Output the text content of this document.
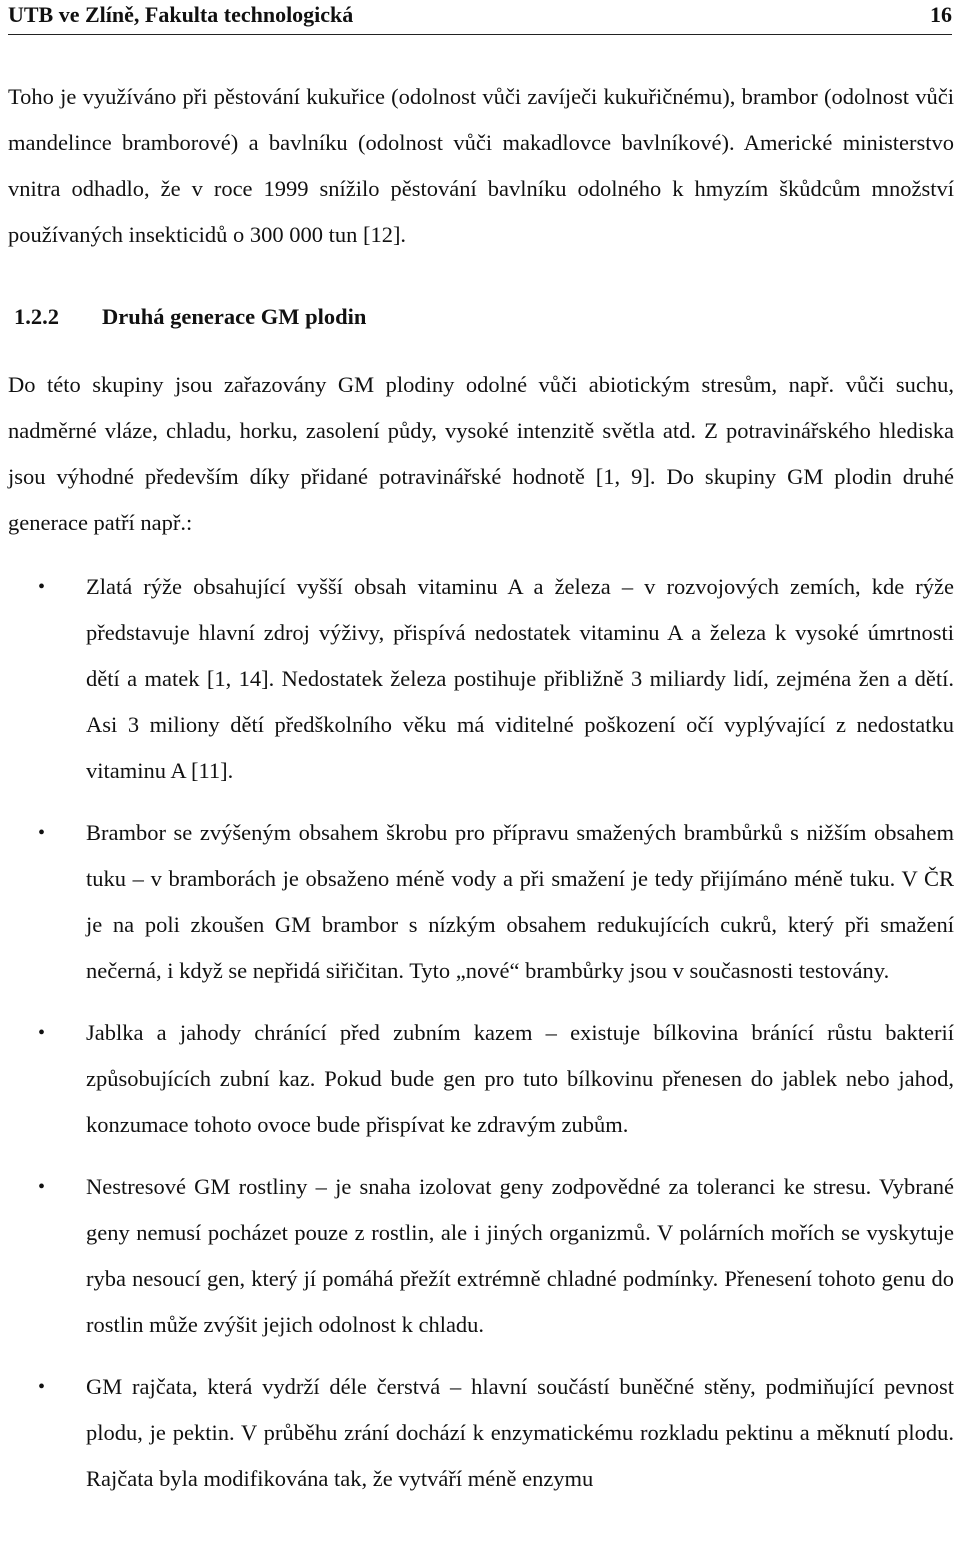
UTB ve Zlíně, Fakulta technologická	16

Toho je využíváno při pěstování kukuřice (odolnost vůči zavíječi kukuřičnému), brambor (odolnost vůči mandelince bramborové) a bavlníku (odolnost vůči makadlovce bavlníkové). Americké ministerstvo vnitra odhadlo, že v roce 1999 snížilo pěstování bavlníku odolného k hmyzím škůdcům množství používaných insekticidů o 300 000 tun [12].

1.2.2 Druhá generace GM plodin

Do této skupiny jsou zařazovány GM plodiny odolné vůči abiotickým stresům, např. vůči suchu, nadměrné vláze, chladu, horku, zasolení půdy, vysoké intenzitě světla atd. Z potravinářského hlediska jsou výhodné především díky přidané potravinářské hodnotě [1, 9]. Do skupiny GM plodin druhé generace patří např.:

• Zlatá rýže obsahující vyšší obsah vitaminu A a železa – v rozvojových zemích, kde rýže představuje hlavní zdroj výživy, přispívá nedostatek vitaminu A a železa k vysoké úmrtnosti dětí a matek [1, 14]. Nedostatek železa postihuje přibližně 3 miliardy lidí, zejména žen a dětí. Asi 3 miliony dětí předškolního věku má viditelné poškození očí vyplývající z nedostatku vitaminu A [11].
• Brambor se zvýšeným obsahem škrobu pro přípravu smažených brambůrků s nižším obsahem tuku – v bramborách je obsaženo méně vody a při smažení je tedy přijímáno méně tuku. V ČR je na poli zkoušen GM brambor s nízkým obsahem redukujících cukrů, který při smažení nečerná, i když se nepřidá siřičitan. Tyto „nové“ brambůrky jsou v současnosti testovány.
• Jablka a jahody chránící před zubním kazem – existuje bílkovina bránící růstu bakterií způsobujících zubní kaz. Pokud bude gen pro tuto bílkovinu přenesen do jablek nebo jahod, konzumace tohoto ovoce bude přispívat ke zdravým zubům.
• Nestresové GM rostliny – je snaha izolovat geny zodpovědné za toleranci ke stresu. Vybrané geny nemusí pocházet pouze z rostlin, ale i jiných organizmů. V polárních mořích se vyskytuje ryba nesoucí gen, který jí pomáhá přežít extrémně chladné podmínky. Přenesení tohoto genu do rostlin může zvýšit jejich odolnost k chladu.
• GM rajčata, která vydrží déle čerstvá – hlavní součástí buněčné stěny, podmiňující pevnost plodu, je pektin. V průběhu zrání dochází k enzymatickému rozkladu pektinu a měknutí plodu. Rajčata byla modifikována tak, že vytváří méně enzymu
